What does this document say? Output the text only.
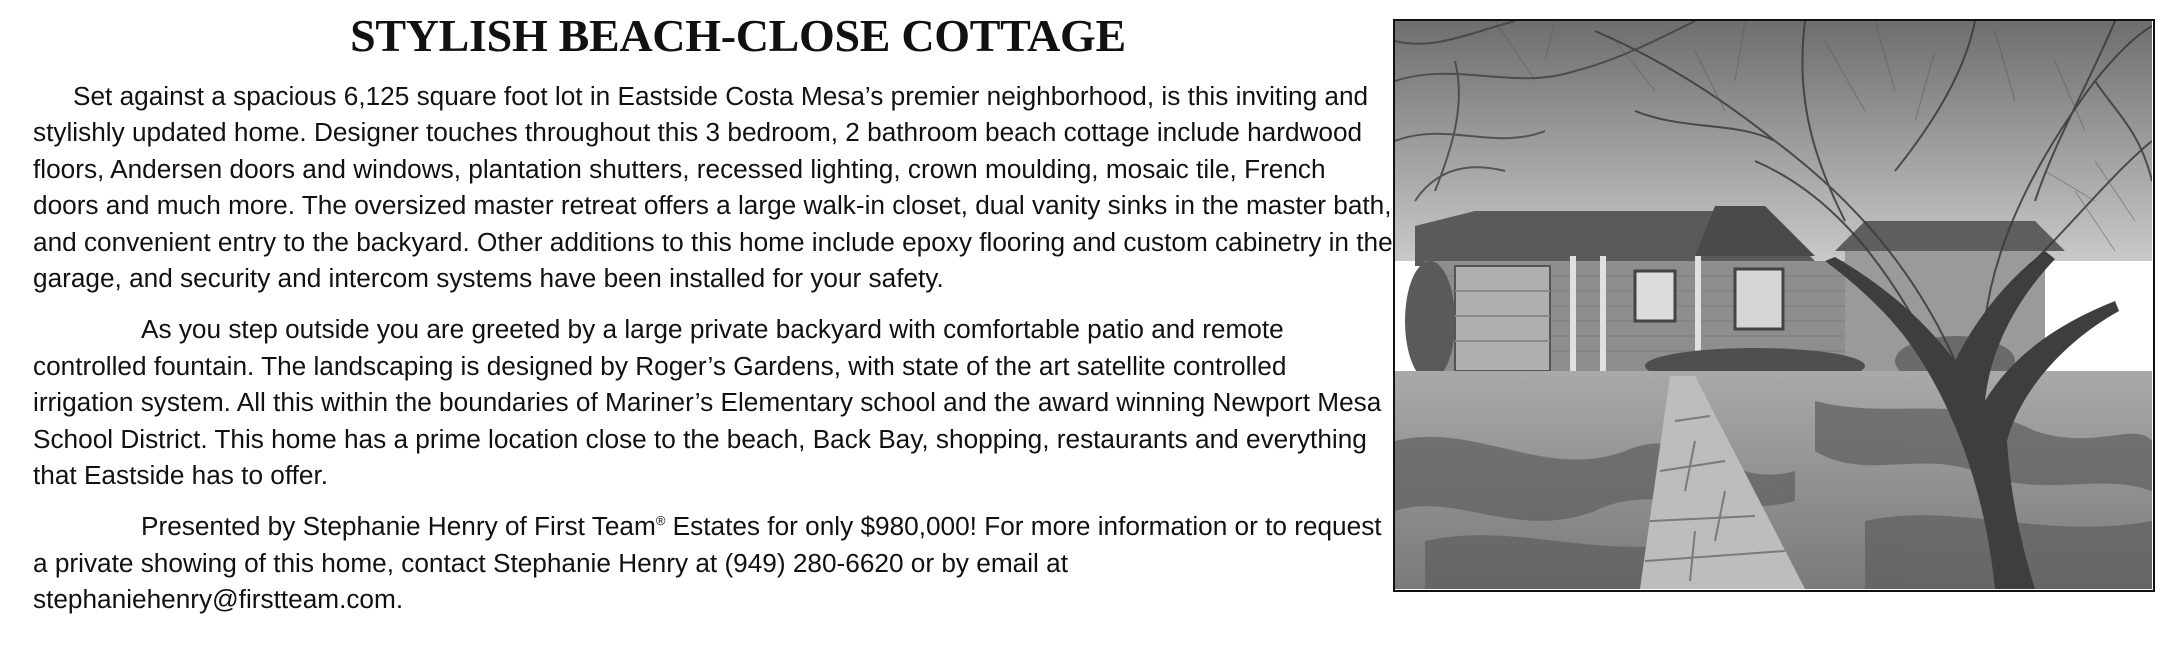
STYLISH BEACH-CLOSE COTTAGE

Set against a spacious 6,125 square foot lot in Eastside Costa Mesa’s premier neighborhood, is this inviting and stylishly updated home. Designer touches throughout this 3 bedroom, 2 bathroom beach cottage include hardwood floors, Andersen doors and windows, plantation shutters, recessed lighting, crown moulding, mosaic tile, French doors and much more. The oversized master retreat offers a large walk-in closet, dual vanity sinks in the master bath, and convenient entry to the backyard. Other additions to this home include epoxy flooring and custom cabinetry in the garage, and security and intercom systems have been installed for your safety.

As you step outside you are greeted by a large private backyard with comfortable patio and remote controlled fountain. The landscaping is designed by Roger’s Gardens, with state of the art satellite controlled irrigation system. All this within the boundaries of Mariner’s Elementary school and the award winning Newport Mesa School District. This home has a prime location close to the beach, Back Bay, shopping, restaurants and everything that Eastside has to offer.

Presented by Stephanie Henry of First Team® Estates for only $980,000! For more information or to request a private showing of this home, contact Stephanie Henry at (949) 280-6620 or by email at stephaniehenry@firstteam.com.
